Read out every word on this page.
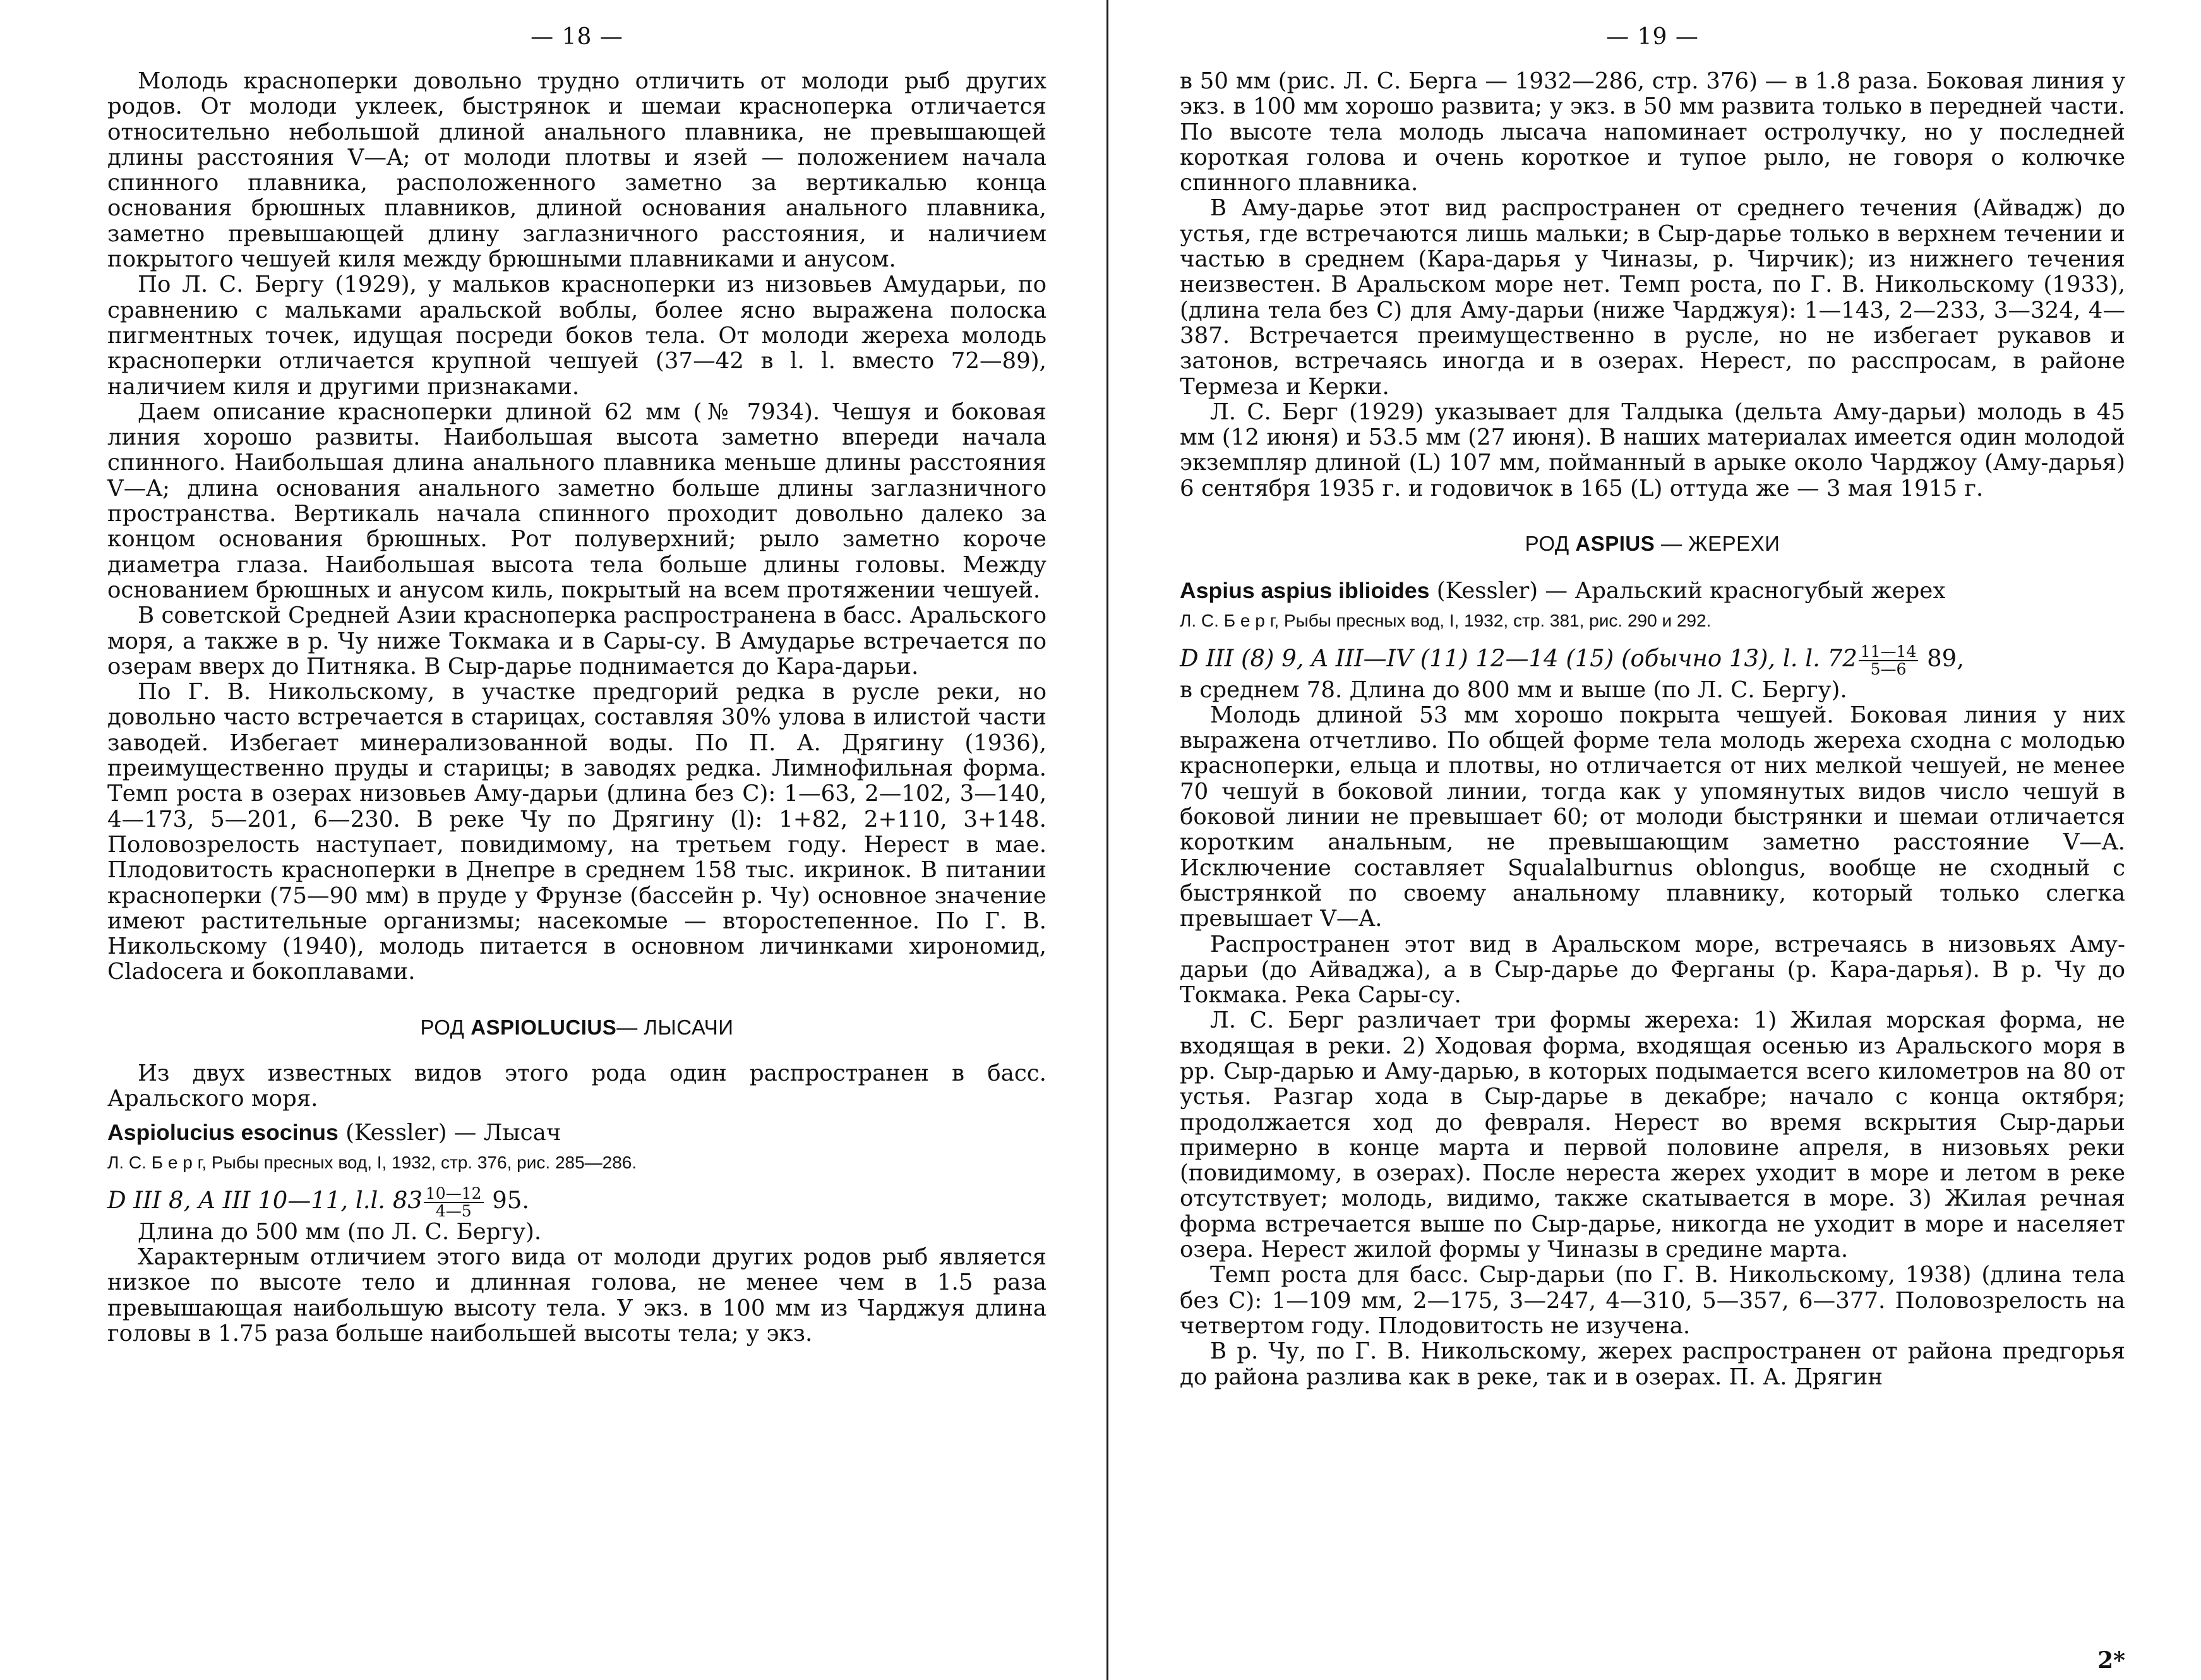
— 18 —

Молодь красноперки довольно трудно отличить от молоди рыб других родов. От молоди уклеек, быстрянок и шемаи красноперка отличается относительно небольшой длиной анального плавника, не превышающей длины расстояния V—A; от молоди плотвы и язей — положением начала спинного плавника, расположенного заметно за вертикалью конца основания брюшных плавников, длиной основания анального плавника, заметно превышающей длину заглазничного расстояния, и наличием покрытого чешуей киля между брюшными плавниками и анусом.

По Л. С. Бергу (1929), у мальков красноперки из низовьев Амударьи, по сравнению с мальками аральской воблы, более ясно выражена полоска пигментных точек, идущая посреди боков тела. От молоди жереха молодь красноперки отличается крупной чешуей (37—42 в l. l. вместо 72—89), наличием киля и другими признаками.

Даем описание красноперки длиной 62 мм (№ 7934). Чешуя и боковая линия хорошо развиты. Наибольшая высота заметно впереди начала спинного. Наибольшая длина анального плавника меньше длины расстояния V—A; длина основания анального заметно больше длины заглазничного пространства. Вертикаль начала спинного проходит довольно далеко за концом основания брюшных. Рот полуверхний; рыло заметно короче диаметра глаза. Наибольшая высота тела больше длины головы. Между основанием брюшных и анусом киль, покрытый на всем протяжении чешуей.

В советской Средней Азии красноперка распространена в басс. Аральского моря, а также в р. Чу ниже Токмака и в Сары-су. В Амударье встречается по озерам вверх до Питняка. В Сыр-дарье поднимается до Кара-дарьи.

По Г. В. Никольскому, в участке предгорий редка в русле реки, но довольно часто встречается в старицах, составляя 30% улова в илистой части заводей. Избегает минерализованной воды. По П. А. Дрягину (1936), преимущественно пруды и старицы; в заводях редка. Лимнофильная форма. Темп роста в озерах низовьев Аму-дарьи (длина без C): 1—63, 2—102, 3—140, 4—173, 5—201, 6—230. В реке Чу по Дрягину (l): 1+82, 2+110, 3+148. Половозрелость наступает, повидимому, на третьем году. Нерест в мае. Плодовитость красноперки в Днепре в среднем 158 тыс. икринок. В питании красноперки (75—90 мм) в пруде у Фрунзе (бассейн р. Чу) основное значение имеют растительные организмы; насекомые — второстепенное. По Г. В. Никольскому (1940), молодь питается в основном личинками хирономид, Cladocera и бокоплавами.

РОД ASPIOLUCIUS— ЛЫСАЧИ

Из двух известных видов этого рода один распространен в басс. Аральского моря.

Aspiolucius esocinus (Kessler) — Лысач
Л. С. Б е р г, Рыбы пресных вод, I, 1932, стр. 376, рис. 285—286.
D III 8, A III 10—11, l.l. $83 \frac{10—12}{4—5} 95$.

Длина до 500 мм (по Л. С. Бергу).

Характерным отличием этого вида от молоди других родов рыб является низкое по высоте тело и длинная голова, не менее чем в 1.5 раза превышающая наибольшую высоту тела. У экз. в 100 мм из Чарджуя длина головы в 1.75 раза больше наибольшей высоты тела; у экз.

— 19 —

в 50 мм (рис. Л. С. Берга — 1932—286, стр. 376) — в 1.8 раза. Боковая линия у экз. в 100 мм хорошо развита; у экз. в 50 мм развита только в передней части. По высоте тела молодь лысача напоминает остролучку, но у последней короткая голова и очень короткое и тупое рыло, не говоря о колючке спинного плавника.

В Аму-дарье этот вид распространен от среднего течения (Айвадж) до устья, где встречаются лишь мальки; в Сыр-дарье только в верхнем течении и частью в среднем (Кара-дарья у Чиназы, р. Чирчик); из нижнего течения неизвестен. В Аральском море нет. Темп роста, по Г. В. Никольскому (1933), (длина тела без C) для Аму-дарьи (ниже Чарджуя): 1—143, 2—233, 3—324, 4—387. Встречается преимущественно в русле, но не избегает рукавов и затонов, встречаясь иногда и в озерах. Нерест, по расспросам, в районе Термеза и Керки.

Л. С. Берг (1929) указывает для Талдыка (дельта Аму-дарьи) молодь в 45 мм (12 июня) и 53.5 мм (27 июня). В наших материалах имеется один молодой экземпляр длиной (L) 107 мм, пойманный в арыке около Чарджоу (Аму-дарья) 6 сентября 1935 г. и годовичок в 165 (L) оттуда же — 3 мая 1915 г.

РОД ASPIUS — ЖЕРЕХИ
Aspius aspius iblioides (Kessler) — Аральский красногубый жерех
Л. С. Б е р г, Рыбы пресных вод, I, 1932, стр. 381, рис. 290 и 292.
D III (8) 9, A III—IV (11) 12—14 (15) (обычно 13), l. l. $72 \frac{11—14}{5—6} 89$,

в среднем 78. Длина до 800 мм и выше (по Л. С. Бергу).

Молодь длиной 53 мм хорошо покрыта чешуей. Боковая линия у них выражена отчетливо. По общей форме тела молодь жереха сходна с молодью красноперки, ельца и плотвы, но отличается от них мелкой чешуей, не менее 70 чешуй в боковой линии, тогда как у упомянутых видов число чешуй в боковой линии не превышает 60; от молоди быстрянки и шемаи отличается коротким анальным, не превышающим заметно расстояние V—A. Исключение составляет Squalalburnus oblongus, вообще не сходный с быстрянкой по своему анальному плавнику, который только слегка превышает V—A.

Распространен этот вид в Аральском море, встречаясь в низовьях Аму-дарьи (до Айваджа), а в Сыр-дарье до Ферганы (р. Кара-дарья). В р. Чу до Токмака. Река Сары-су.

Л. С. Берг различает три формы жереха: 1) Жилая морская форма, не входящая в реки. 2) Ходовая форма, входящая осенью из Аральского моря в рр. Сыр-дарью и Аму-дарью, в которых подымается всего километров на 80 от устья. Разгар хода в Сыр-дарье в декабре; начало с конца октября; продолжается ход до февраля. Нерест во время вскрытия Сыр-дарьи примерно в конце марта и первой половине апреля, в низовьях реки (повидимому, в озерах). После нереста жерех уходит в море и летом в реке отсутствует; молодь, видимо, также скатывается в море. 3) Жилая речная форма встречается выше по Сыр-дарье, никогда не уходит в море и населяет озера. Нерест жилой формы у Чиназы в средине марта.

Темп роста для басс. Сыр-дарьи (по Г. В. Никольскому, 1938) (длина тела без C): 1—109 мм, 2—175, 3—247, 4—310, 5—357, 6—377. Половозрелость на четвертом году. Плодовитость не изучена.

В р. Чу, по Г. В. Никольскому, жерех распространен от района предгорья до района разлива как в реке, так и в озерах. П. А. Дрягин

2*
